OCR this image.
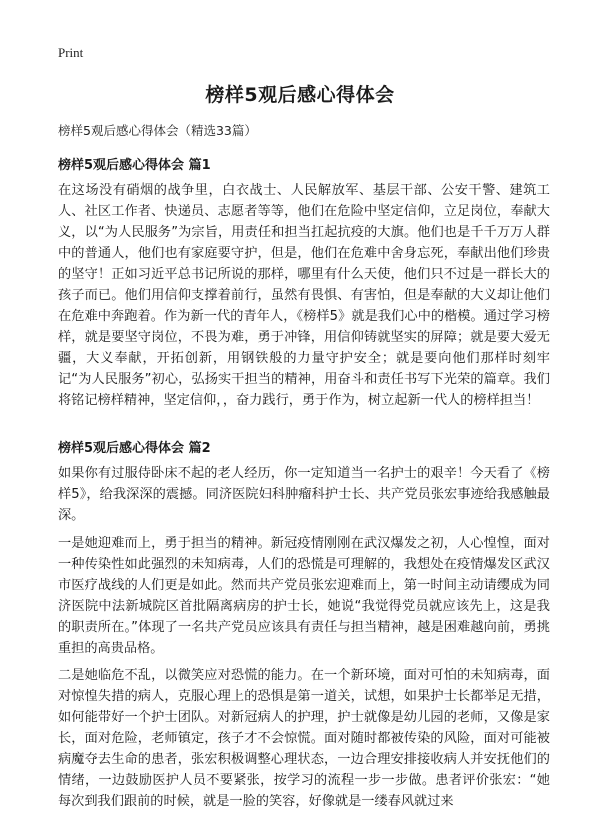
Print
榜样5观后感心得体会
榜样5观后感心得体会（精选33篇）
榜样5观后感心得体会 篇1

在这场没有硝烟的战争里，白衣战士、人民解放军、基层干部、公安干警、建筑工人、社区工作者、快递员、志愿者等等，他们在危险中坚定信仰，立足岗位，奉献大义，以“为人民服务”为宗旨，用责任和担当扛起抗疫的大旗。他们也是千千万万人群中的普通人，他们也有家庭要守护，但是，他们在危难中舍身忘死，奉献出他们珍贵的坚守！正如习近平总书记所说的那样，哪里有什么天使，他们只不过是一群长大的孩子而已。他们用信仰支撑着前行，虽然有畏惧、有害怕，但是奉献的大义却让他们在危难中奔跑着。作为新一代的青年人，《榜样5》就是我们心中的楷模。通过学习榜样，就是要坚守岗位，不畏为难，勇于冲锋，用信仰铸就坚实的屏障；就是要大爱无疆，大义奉献，开拓创新，用钢铁般的力量守护安全；就是要向他们那样时刻牢记“为人民服务”初心，弘扬实干担当的精神，用奋斗和责任书写下光荣的篇章。我们将铭记榜样精神，坚定信仰，，奋力践行，勇于作为，树立起新一代人的榜样担当！

榜样5观后感心得体会 篇2

如果你有过服侍卧床不起的老人经历，你一定知道当一名护士的艰辛！今天看了《榜样5》，给我深深的震撼。同济医院妇科肿瘤科护士长、共产党员张宏事迹给我感触最深。

一是她迎难而上，勇于担当的精神。新冠疫情刚刚在武汉爆发之初，人心惶惶，面对一种传染性如此强烈的未知病毒，人们的恐慌是可理解的，我想处在疫情爆发区武汉市医疗战线的人们更是如此。然而共产党员张宏迎难而上，第一时间主动请缨成为同济医院中法新城院区首批隔离病房的护士长，她说“我觉得党员就应该先上，这是我的职责所在。”体现了一名共产党员应该具有责任与担当精神，越是困难越向前，勇挑重担的高贵品格。

二是她临危不乱，以微笑应对恐慌的能力。在一个新环境，面对可怕的未知病毒，面对惊惶失措的病人，克服心理上的恐惧是第一道关，试想，如果护士长都举足无措，如何能带好一个护士团队。对新冠病人的护理，护士就像是幼儿园的老师，又像是家长，面对危险，老师镇定，孩子才不会惊慌。面对随时都被传染的风险，面对可能被病魔夺去生命的患者，张宏积极调整心理状态，一边合理安排接收病人并安抚他们的情绪，一边鼓励医护人员不要紧张，按学习的流程一步一步做。患者评价张宏：“她每次到我们跟前的时候，就是一脸的笑容，好像就是一缕春风就过来
